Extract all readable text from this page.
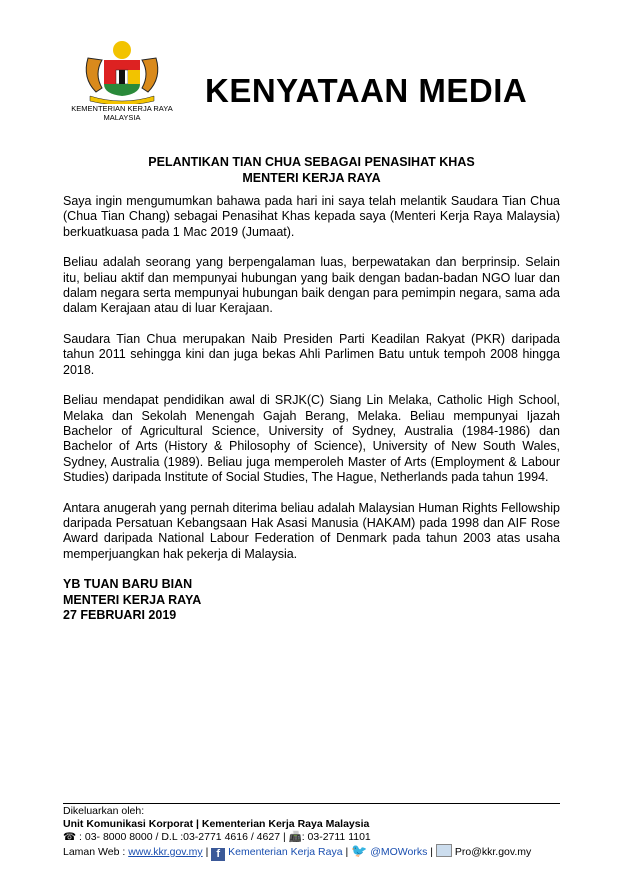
KEMENTERIAN KERJA RAYA
MALAYSIA
KENYATAAN MEDIA
PELANTIKAN TIAN CHUA SEBAGAI PENASIHAT KHAS
MENTERI KERJA RAYA

Saya ingin mengumumkan bahawa pada hari ini saya telah melantik Saudara Tian Chua (Chua Tian Chang) sebagai Penasihat Khas kepada saya (Menteri Kerja Raya Malaysia) berkuatkuasa pada 1 Mac 2019 (Jumaat).

Beliau adalah seorang yang berpengalaman luas, berpewatakan dan berprinsip. Selain itu, beliau aktif dan mempunyai hubungan yang baik dengan badan-badan NGO luar dan dalam negara serta mempunyai hubungan baik dengan para pemimpin negara, sama ada dalam Kerajaan atau di luar Kerajaan.

Saudara Tian Chua merupakan Naib Presiden Parti Keadilan Rakyat (PKR) daripada tahun 2011 sehingga kini dan juga bekas Ahli Parlimen Batu untuk tempoh 2008 hingga 2018.

Beliau mendapat pendidikan awal di SRJK(C) Siang Lin Melaka, Catholic High School, Melaka dan Sekolah Menengah Gajah Berang, Melaka. Beliau mempunyai Ijazah Bachelor of Agricultural Science, University of Sydney, Australia (1984-1986) dan Bachelor of Arts (History & Philosophy of Science), University of New South Wales, Sydney, Australia (1989). Beliau juga memperoleh Master of Arts (Employment & Labour Studies) daripada Institute of Social Studies, The Hague, Netherlands pada tahun 1994.

Antara anugerah yang pernah diterima beliau adalah Malaysian Human Rights Fellowship daripada Persatuan Kebangsaan Hak Asasi Manusia (HAKAM) pada 1998 dan AIF Rose Award daripada National Labour Federation of Denmark pada tahun 2003 atas usaha memperjuangkan hak pekerja di Malaysia.

YB TUAN BARU BIAN
MENTERI KERJA RAYA
27 FEBRUARI 2019
Dikeluarkan oleh:
Unit Komunikasi Korporat | Kementerian Kerja Raya Malaysia
☎ : 03- 8000 8000 / D.L :03-2771 4616 / 4627 | 📠: 03-2711 1101
Laman Web : www.kkr.gov.my | f Kementerian Kerja Raya | 🐦 @MOWorks |  Pro@kkr.gov.my
